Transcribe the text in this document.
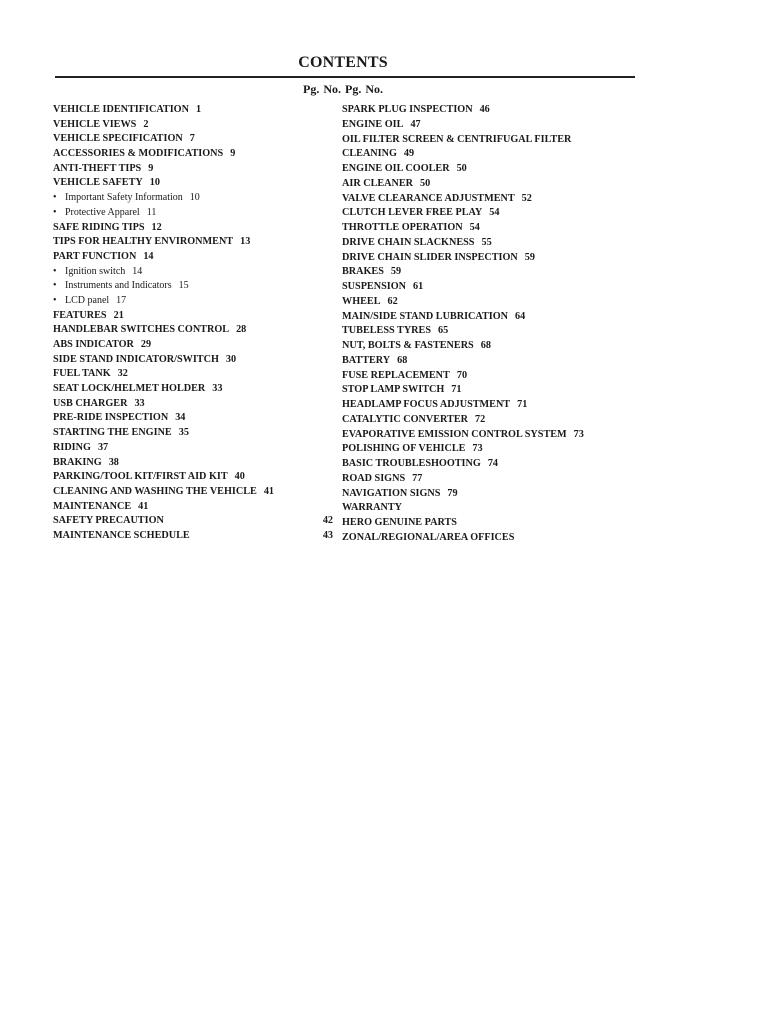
CONTENTS
Pg. No. Pg. No.
VEHICLE IDENTIFICATION 1
VEHICLE VIEWS 2
VEHICLE SPECIFICATION 7
ACCESSORIES & MODIFICATIONS 9
ANTI-THEFT TIPS 9
VEHICLE SAFETY 10
• Important Safety Information 10
• Protective Apparel 11
SAFE RIDING TIPS 12
TIPS FOR HEALTHY ENVIRONMENT 13
PART FUNCTION 14
• Ignition switch 14
• Instruments and Indicators 15
• LCD panel 17
FEATURES 21
HANDLEBAR SWITCHES CONTROL 28
ABS INDICATOR 29
SIDE STAND INDICATOR/SWITCH 30
FUEL TANK 32
SEAT LOCK/HELMET HOLDER 33
USB CHARGER 33
PRE-RIDE INSPECTION 34
STARTING THE ENGINE 35
RIDING 37
BRAKING 38
PARKING/TOOL KIT/FIRST AID KIT 40
CLEANING AND WASHING THE VEHICLE 41
MAINTENANCE 41
SAFETY PRECAUTION	42
MAINTENANCE SCHEDULE	43
SPARK PLUG INSPECTION 46
ENGINE OIL 47
OIL FILTER SCREEN & CENTRIFUGAL FILTER
CLEANING 49
ENGINE OIL COOLER 50
AIR CLEANER 50
VALVE CLEARANCE ADJUSTMENT 52
CLUTCH LEVER FREE PLAY 54
THROTTLE OPERATION 54
DRIVE CHAIN SLACKNESS 55
DRIVE CHAIN SLIDER INSPECTION 59
BRAKES 59
SUSPENSION 61
WHEEL 62
MAIN/SIDE STAND LUBRICATION 64
TUBELESS TYRES 65
NUT, BOLTS & FASTENERS 68
BATTERY 68
FUSE REPLACEMENT 70
STOP LAMP SWITCH 71
HEADLAMP FOCUS ADJUSTMENT 71
CATALYTIC CONVERTER 72
EVAPORATIVE EMISSION CONTROL SYSTEM 73
POLISHING OF VEHICLE 73
BASIC TROUBLESHOOTING 74
ROAD SIGNS 77
NAVIGATION SIGNS 79
WARRANTY
HERO GENUINE PARTS
ZONAL/REGIONAL/AREA OFFICES
